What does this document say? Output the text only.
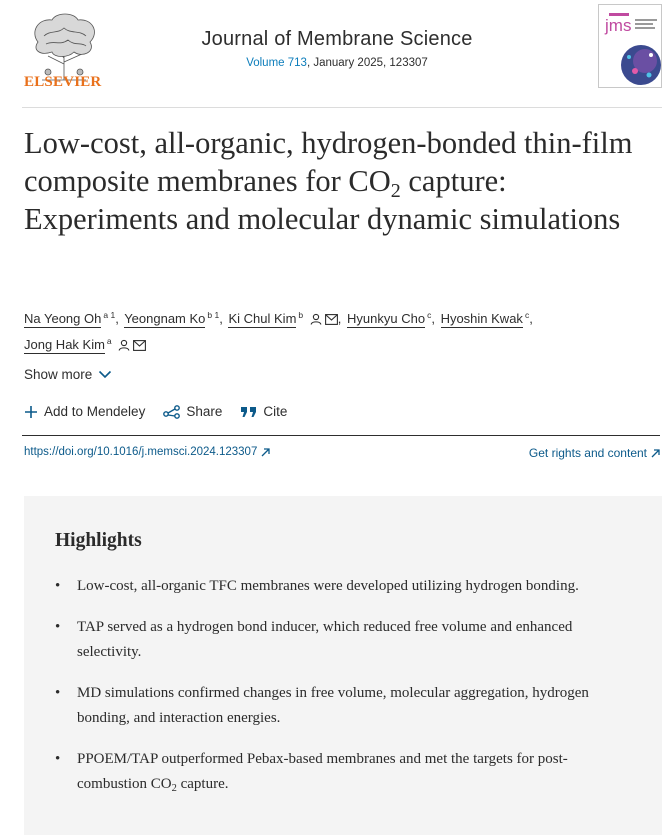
ELSEVIER
Journal of Membrane Science
Volume 713, January 2025, 123307
jms
Low-cost, all-organic, hydrogen-bonded thin-film composite membranes for $CO_2$ capture: Experiments and molecular dynamic simulations
Na Yeong Oh $^{a 1}$, Yeongnam Ko $^{b 1}$, Ki Chul Kim $^b$	, Hyunkyu Cho $^c$, Hyoshin Kwak $^c$,
Jong Hak Kim $^a$
Show more
Add to Mendeley	Share	Cite
https://doi.org/10.1016/j.memsci.2024.123307	Get rights and content
Highlights
• Low-cost, all-organic TFC membranes were developed utilizing hydrogen bonding.
• TAP served as a hydrogen bond inducer, which reduced free volume and enhanced selectivity.
• MD simulations confirmed changes in free volume, molecular aggregation, hydrogen bonding, and interaction energies.
• PPOEM/TAP outperformed Pebax-based membranes and met the targets for post-combustion $CO_2$ capture.
